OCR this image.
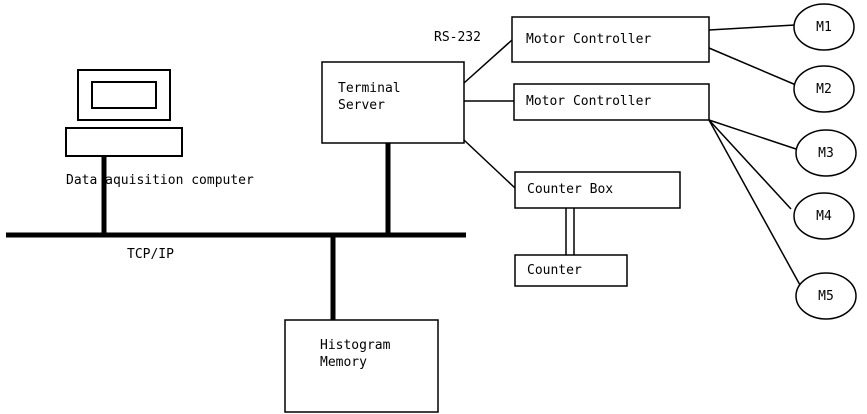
Terminal
Server
Motor Controller
Motor Controller
Counter Box
Counter
Histogram
Memory
RS-232
TCP/IP
Data aquisition computer
M1
M2
M3
M4
M5
